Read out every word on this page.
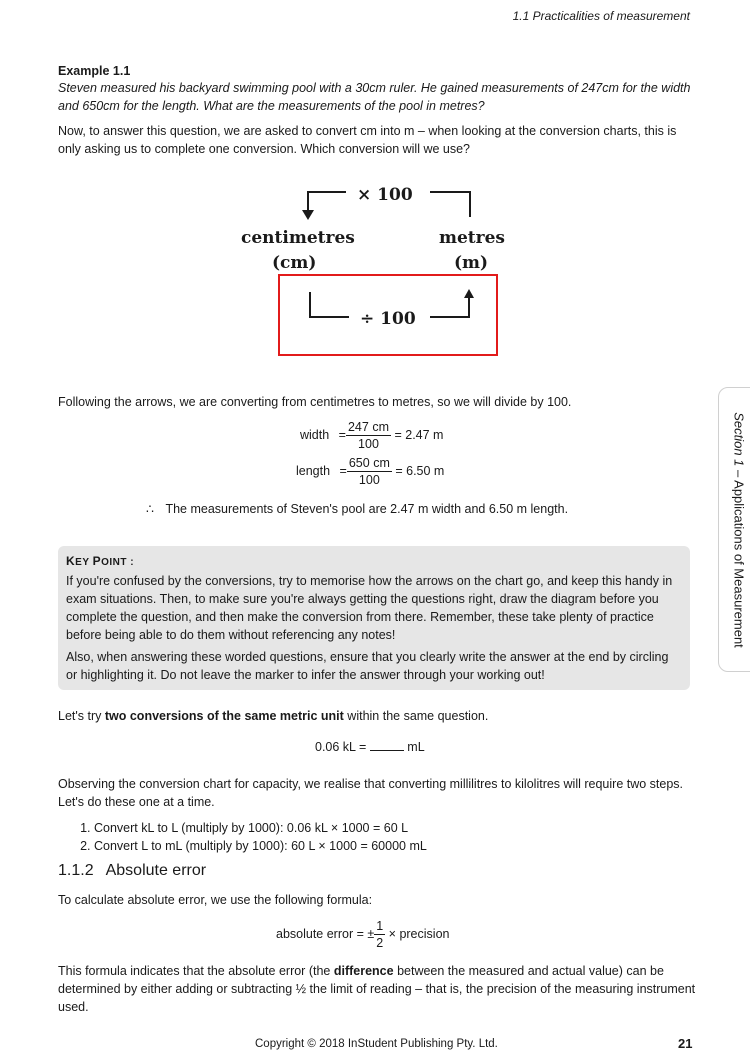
1.1 Practicalities of measurement
Example 1.1
Steven measured his backyard swimming pool with a 30cm ruler. He gained measurements of 247cm for the width and 650cm for the length. What are the measurements of the pool in metres?
Now, to answer this question, we are asked to convert cm into m – when looking at the conversion charts, this is only asking us to complete one conversion. Which conversion will we use?
× 100
centimetres
(cm)
metres
(m)
÷ 100
Following the arrows, we are converting from centimetres to metres, so we will divide by 100.
width = $\frac{247 cm}{100} = 2.47$ m
length = $\frac{650 cm}{100} = 6.50$ m
∴ The measurements of Steven's pool are 2.47 m width and 6.50 m length.
KEY POINT :
If you're confused by the conversions, try to memorise how the arrows on the chart go, and keep this handy in exam situations. Then, to make sure you're always getting the questions right, draw the diagram before you complete the question, and then make the conversion from there. Remember, these take plenty of practice before being able to do them without referencing any notes!
Also, when answering these worded questions, ensure that you clearly write the answer at the end by circling or highlighting it. Do not leave the marker to infer the answer through your working out!
Let's try two conversions of the same metric unit within the same question.
0.06 kL =	mL
Observing the conversion chart for capacity, we realise that converting millilitres to kilolitres will require two steps. Let's do these one at a time.
1. Convert kL to L (multiply by 1000): 0.06 kL × 1000 = 60 L
2. Convert L to mL (multiply by 1000): 60 L × 1000 = 60000 mL
1.1.2 Absolute error
To calculate absolute error, we use the following formula:
absolute error = ± $\frac{1}{2}$ × precision
This formula indicates that the absolute error (the difference between the measured and actual value) can be determined by either adding or subtracting ½ the limit of reading – that is, the precision of the measuring instrument used.
Section 1 – Applications of Measurement
Copyright © 2018 InStudent Publishing Pty. Ltd.	21
